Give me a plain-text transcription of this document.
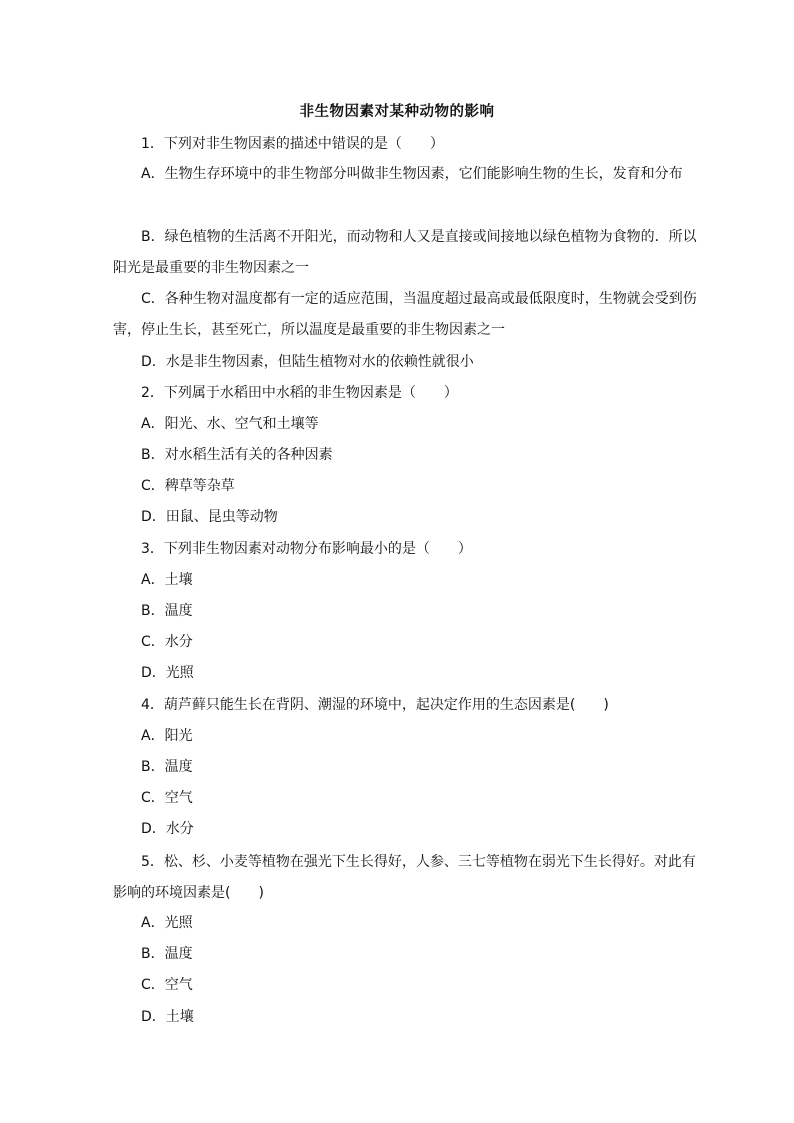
非生物因素对某种动物的影响
1．下列对非生物因素的描述中错误的是（　　）
A．生物生存环境中的非生物部分叫做非生物因素，它们能影响生物的生长，发育和分布
B．绿色植物的生活离不开阳光，而动物和人又是直接或间接地以绿色植物为食物的．所以阳光是最重要的非生物因素之一
C．各种生物对温度都有一定的适应范围，当温度超过最高或最低限度时，生物就会受到伤害，停止生长，甚至死亡，所以温度是最重要的非生物因素之一
D．水是非生物因素，但陆生植物对水的依赖性就很小
2．下列属于水稻田中水稻的非生物因素是（　　）
A．阳光、水、空气和土壤等
B．对水稻生活有关的各种因素
C．稗草等杂草
D．田鼠、昆虫等动物
3．下列非生物因素对动物分布影响最小的是（　　）
A．土壤
B．温度
C．水分
D．光照
4．葫芦藓只能生长在背阴、潮湿的环境中，起决定作用的生态因素是(　　)
A．阳光
B．温度
C．空气
D．水分
5．松、杉、小麦等植物在强光下生长得好，人参、三七等植物在弱光下生长得好。对此有影响的环境因素是(　　)
A．光照
B．温度
C．空气
D．土壤
